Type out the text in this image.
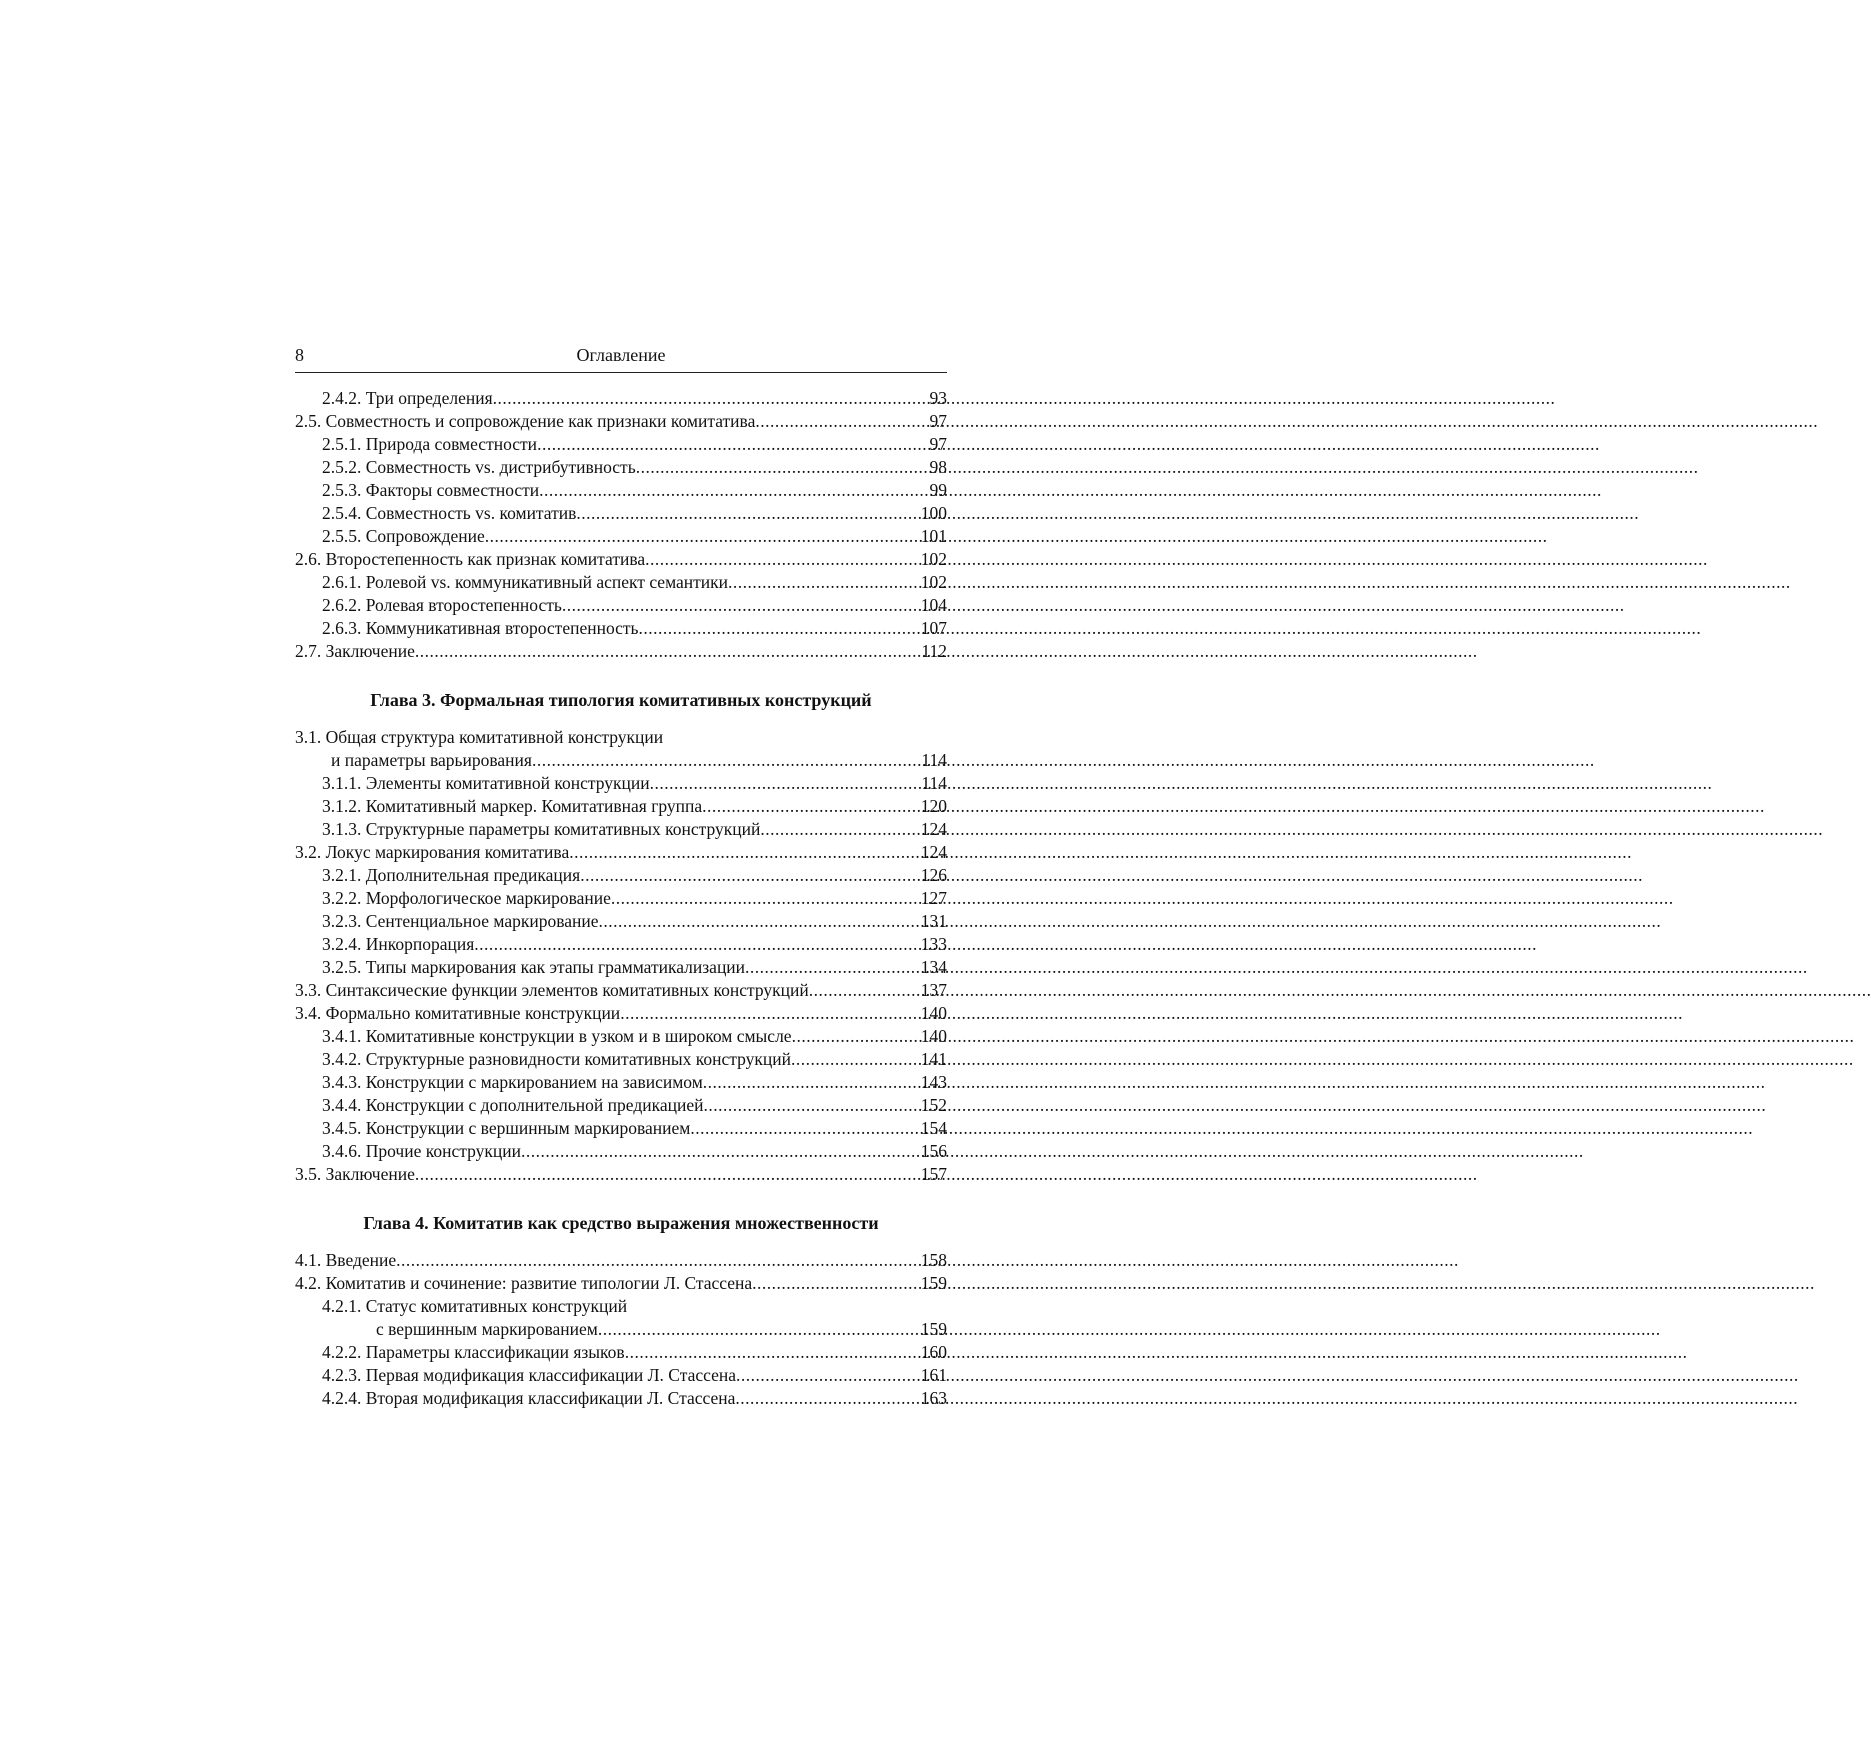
8	Оглавление
2.4.2. Три определения .....	93
2.5. Совместность и сопровождение как признаки комитатива .....	97
2.5.1. Природа совместности .....	97
2.5.2. Совместность vs. дистрибутивность .....	98
2.5.3. Факторы совместности .....	99
2.5.4. Совместность vs. комитатив .....	100
2.5.5. Сопровождение .....	101
2.6. Второстепенность как признак комитатива .....	102
2.6.1. Ролевой vs. коммуникативный аспект семантики .....	102
2.6.2. Ролевая второстепенность .....	104
2.6.3. Коммуникативная второстепенность .....	107
2.7. Заключение .....	112
Глава 3. Формальная типология комитативных конструкций
3.1. Общая структура комитативной конструкции
и параметры варьирования .....	114
3.1.1. Элементы комитативной конструкции .....	114
3.1.2. Комитативный маркер. Комитативная группа .....	120
3.1.3. Структурные параметры комитативных конструкций .....	124
3.2. Локус маркирования комитатива .....	124
3.2.1. Дополнительная предикация .....	126
3.2.2. Морфологическое маркирование .....	127
3.2.3. Сентенциальное маркирование .....	131
3.2.4. Инкорпорация .....	133
3.2.5. Типы маркирования как этапы грамматикализации .....	134
3.3. Синтаксические функции элементов комитативных конструкций .....	137
3.4. Формально комитативные конструкции .....	140
3.4.1. Комитативные конструкции в узком и в широком смысле .....	140
3.4.2. Структурные разновидности комитативных конструкций .....	141
3.4.3. Конструкции с маркированием на зависимом .....	143
3.4.4. Конструкции с дополнительной предикацией .....	152
3.4.5. Конструкции с вершинным маркированием .....	154
3.4.6. Прочие конструкции .....	156
3.5. Заключение .....	157
Глава 4. Комитатив как средство выражения множественности
4.1. Введение .....	158
4.2. Комитатив и сочинение: развитие типологии Л. Стассена .....	159
4.2.1. Статус комитативных конструкций
с вершинным маркированием .....	159
4.2.2. Параметры классификации языков .....	160
4.2.3. Первая модификация классификации Л. Стассена .....	161
4.2.4. Вторая модификация классификации Л. Стассена .....	163
